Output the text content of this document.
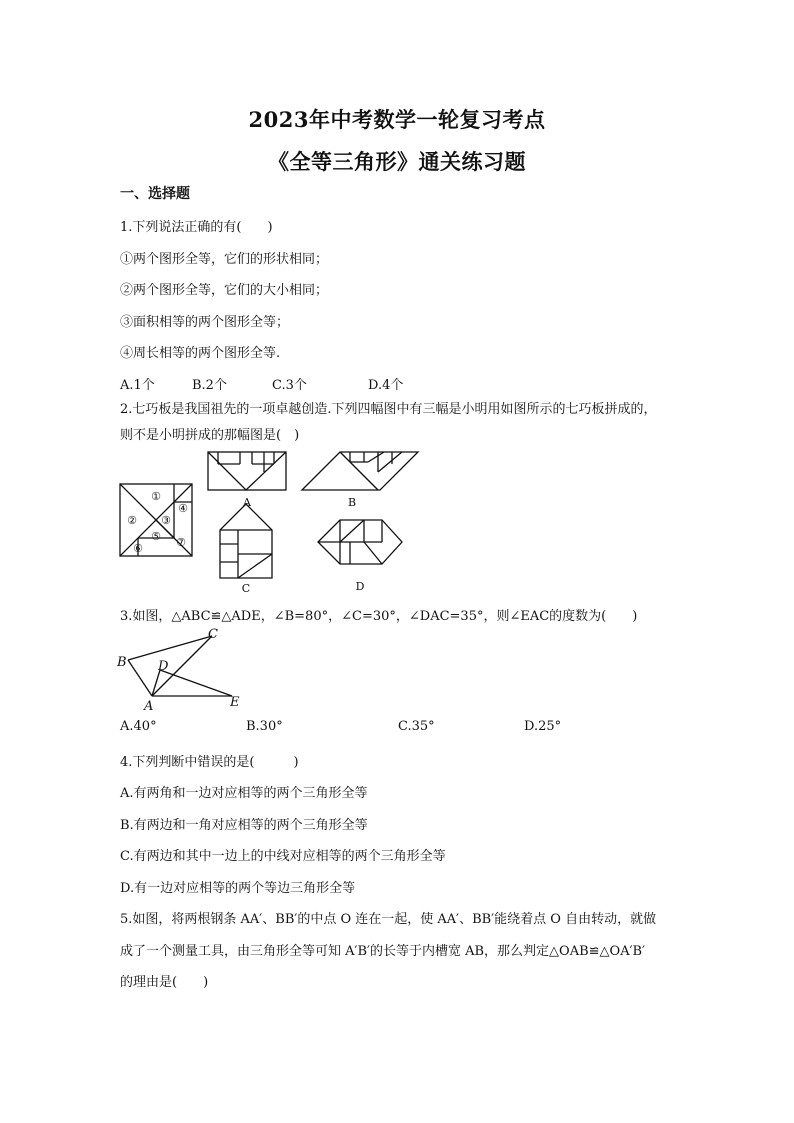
2023年中考数学一轮复习考点
《全等三角形》通关练习题
一、选择题
1.下列说法正确的有(　　)
①两个图形全等，它们的形状相同；
②两个图形全等，它们的大小相同；
③面积相等的两个图形全等；
④周长相等的两个图形全等.
A.1个	B.2个	C.3个	D.4个
2.七巧板是我国祖先的一项卓越创造.下列四幅图中有三幅是小明用如图所示的七巧板拼成的，
则不是小明拼成的那幅图是(　)
①
② ③
④
⑤
⑥	⑦
A	B
C	D
3.如图，△ABC≌△ADE，∠B=80°，∠C=30°，∠DAC=35°，则∠EAC的度数为(　　)
B
C
D
A	E
A.40°	B.30°	C.35°	D.25°
4.下列判断中错误的是(　　　)
A.有两角和一边对应相等的两个三角形全等
B.有两边和一角对应相等的两个三角形全等
C.有两边和其中一边上的中线对应相等的两个三角形全等
D.有一边对应相等的两个等边三角形全等
5.如图，将两根钢条 AA′、BB′的中点 O 连在一起，使 AA′、BB′能绕着点 O 自由转动，就做
成了一个测量工具，由三角形全等可知 A′B′的长等于内槽宽 AB，那么判定△OAB≌△OA′B′
的理由是(　　)
